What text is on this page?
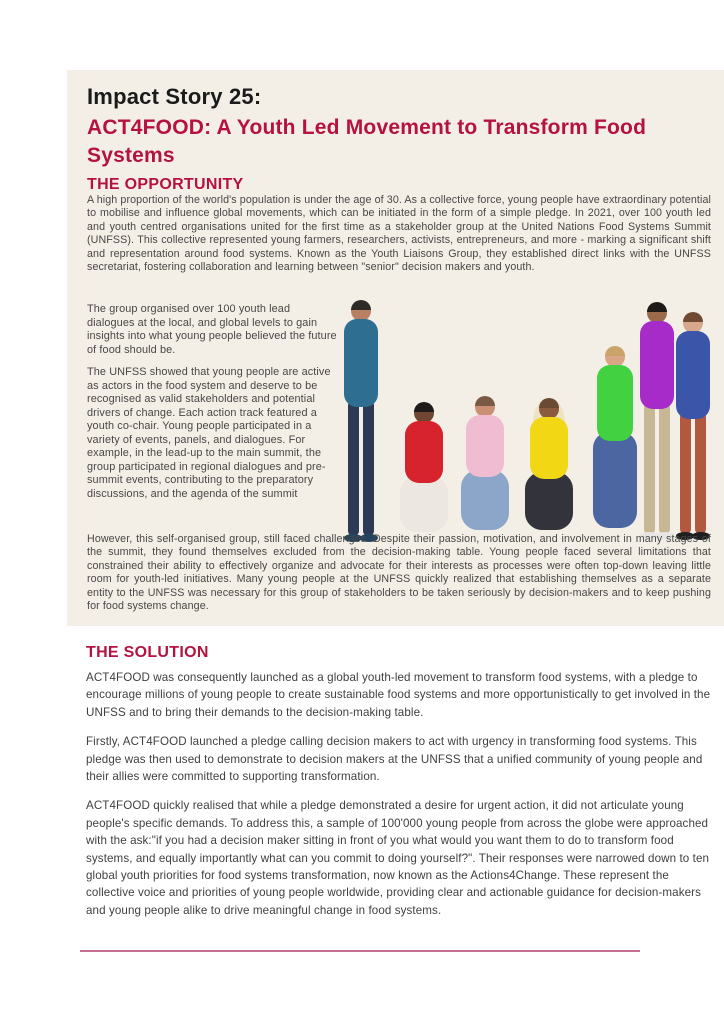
Impact Story 25:
ACT4FOOD: A Youth Led Movement to Transform Food Systems
THE OPPORTUNITY
A high proportion of the world's population is under the age of 30. As a collective force, young people have extraordinary potential to mobilise and influence global movements, which can be initiated in the form of a simple pledge. In 2021, over 100 youth led and youth centred organisations united for the first time as a stakeholder group at the United Nations Food Systems Summit (UNFSS). This collective represented young farmers, researchers, activists, entrepreneurs, and more - marking a significant shift and representation around food systems. Known as the Youth Liaisons Group, they established direct links with the UNFSS secretariat, fostering collaboration and learning between "senior" decision makers and youth.
The group organised over 100 youth lead dialogues at the local, and global levels to gain insights into what young people believed the future of food should be.
The UNFSS showed that young people are active as actors in the food system and deserve to be recognised as valid stakeholders and potential drivers of change. Each action track featured a youth co-chair. Young people participated in a variety of events, panels, and dialogues. For example, in the lead-up to the main summit, the group participated in regional dialogues and pre-summit events, contributing to the preparatory discussions, and the agenda of the summit
However, this self-organised group, still faced challenges. Despite their passion, motivation, and involvement in many stages of the summit, they found themselves excluded from the decision-making table. Young people faced several limitations that constrained their ability to effectively organize and advocate for their interests as processes were often top-down leaving little room for youth-led initiatives. Many young people at the UNFSS quickly realized that establishing themselves as a separate entity to the UNFSS was necessary for this group of stakeholders to be taken seriously by decision-makers and to keep pushing for food systems change.
THE SOLUTION

ACT4FOOD was consequently launched as a global youth-led movement to transform food systems, with a pledge to encourage millions of young people to create sustainable food systems and more opportunistically to get involved in the UNFSS and to bring their demands to the decision-making table.

Firstly, ACT4FOOD launched a pledge calling decision makers to act with urgency in transforming food systems. This pledge was then used to demonstrate to decision makers at the UNFSS that a unified community of young people and their allies were committed to supporting transformation.

ACT4FOOD quickly realised that while a pledge demonstrated a desire for urgent action, it did not articulate young people's specific demands. To address this, a sample of 100'000 young people from across the globe were approached with the ask:"if you had a decision maker sitting in front of you what would you want them to do to transform food systems, and equally importantly what can you commit to doing yourself?". Their responses were narrowed down to ten global youth priorities for food systems transformation, now known as the Actions4Change. These represent the collective voice and priorities of young people worldwide, providing clear and actionable guidance for decision-makers and young people alike to drive meaningful change in food systems.
